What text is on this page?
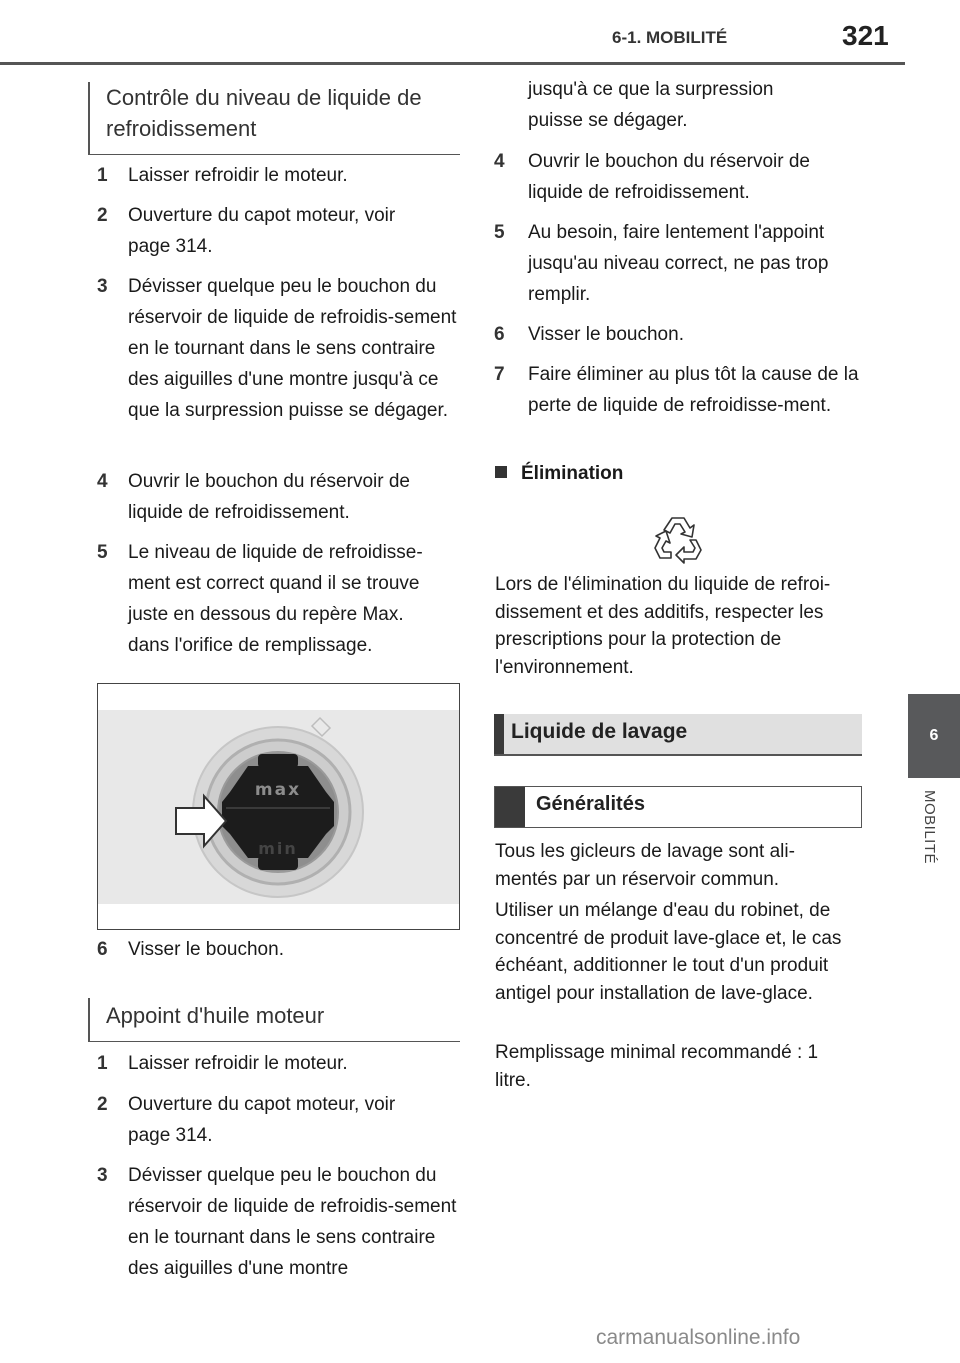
6-1. MOBILITÉ	321
6
MOBILITÉ
Contrôle du niveau de liquide de refroidissement
1 Laisser refroidir le moteur.
2 Ouverture du capot moteur, voir page 314.
3 Dévisser quelque peu le bouchon du réservoir de liquide de refroidis-sement en le tournant dans le sens contraire des aiguilles d'une montre jusqu'à ce que la surpression puisse se dégager.
4 Ouvrir le bouchon du réservoir de liquide de refroidissement.
5 Le niveau de liquide de refroidisse-ment est correct quand il se trouve juste en dessous du repère Max. dans l'orifice de remplissage.
max
min
6 Visser le bouchon.
Appoint d'huile moteur
1 Laisser refroidir le moteur.
2 Ouverture du capot moteur, voir page 314.
3 Dévisser quelque peu le bouchon du réservoir de liquide de refroidis-sement en le tournant dans le sens contraire des aiguilles d'une montre
jusqu'à ce que la surpression puisse se dégager.
4 Ouvrir le bouchon du réservoir de liquide de refroidissement.
5 Au besoin, faire lentement l'appoint jusqu'au niveau correct, ne pas trop remplir.
6 Visser le bouchon.
7 Faire éliminer au plus tôt la cause de la perte de liquide de refroidisse-ment.
Élimination
Lors de l'élimination du liquide de refroi-dissement et des additifs, respecter les prescriptions pour la protection de l'environnement.
Liquide de lavage
Généralités
Tous les gicleurs de lavage sont ali-mentés par un réservoir commun.
Utiliser un mélange d'eau du robinet, de concentré de produit lave-glace et, le cas échéant, additionner le tout d'un produit antigel pour installation de lave-glace.
Remplissage minimal recommandé : 1 litre.
carmanualsonline.info
